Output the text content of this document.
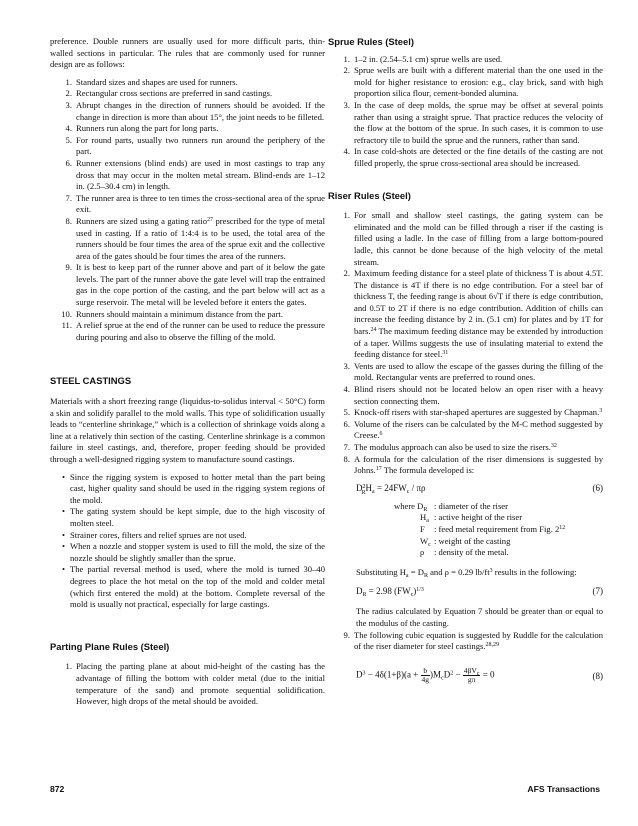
preference. Double runners are usually used for more difficult parts, thin-walled sections in particular. The rules that are commonly used for runner design are as follows:

1. Standard sizes and shapes are used for runners.
2. Rectangular cross sections are preferred in sand castings.
3. Abrupt changes in the direction of runners should be avoided. If the change in direction is more than about 15°, the joint needs to be filleted.
4. Runners run along the part for long parts.
5. For round parts, usually two runners run around the periphery of the part.
6. Runner extensions (blind ends) are used in most castings to trap any dross that may occur in the molten metal stream. Blind-ends are 1–12 in. (2.5–30.4 cm) in length.
7. The runner area is three to ten times the cross-sectional area of the sprue exit.
8. Runners are sized using a gating ratio$^{27}$ prescribed for the type of metal used in casting. If a ratio of 1:4:4 is to be used, the total area of the runners should be four times the area of the sprue exit and the collective area of the gates should be four times the area of the runners.
9. It is best to keep part of the runner above and part of it below the gate levels. The part of the runner above the gate level will trap the entrained gas in the cope portion of the casting, and the part below will act as a surge reservoir. The metal will be leveled before it enters the gates.
10. Runners should maintain a minimum distance from the part.
11. A relief sprue at the end of the runner can be used to reduce the pressure during pouring and also to observe the filling of the mold.
STEEL CASTINGS

Materials with a short freezing range (liquidus-to-solidus interval < 50°C) form a skin and solidify parallel to the mold walls. This type of solidification usually leads to “centerline shrinkage,” which is a collection of shrinkage voids along a line at a relatively thin section of the casting. Centerline shrinkage is a common failure in steel castings, and, therefore, proper feeding should be provided through a well-designed rigging system to manufacture sound castings.

• Since the rigging system is exposed to hotter metal than the part being cast, higher quality sand should be used in the rigging system regions of the mold.
• The gating system should be kept simple, due to the high viscosity of molten steel.
• Strainer cores, filters and relief sprues are not used.
• When a nozzle and stopper system is used to fill the mold, the size of the nozzle should be slightly smaller than the sprue.
• The partial reversal method is used, where the mold is turned 30–40 degrees to place the hot metal on the top of the mold and colder metal (which first entered the mold) at the bottom. Complete reversal of the mold is usually not practical, especially for large castings.
Parting Plane Rules (Steel)
1. Placing the parting plane at about mid-height of the casting has the advantage of filling the bottom with colder metal (due to the initial temperature of the sand) and promote sequential solidification. However, high drops of the metal should be avoided.
Sprue Rules (Steel)
1. 1–2 in. (2.54–5.1 cm) sprue wells are used.
2. Sprue wells are built with a different material than the one used in the mold for higher resistance to erosion: e.g., clay brick, sand with high proportion silica flour, cement-bonded alumina.
3. In the case of deep molds, the sprue may be offset at several points rather than using a straight sprue. That practice reduces the velocity of the flow at the bottom of the sprue. In such cases, it is common to use refractory tile to build the sprue and the runners, rather than sand.
4. In case cold-shots are detected or the fine details of the casting are not filled properly, the sprue cross-sectional area should be increased.
Riser Rules (Steel)
1. For small and shallow steel castings, the gating system can be eliminated and the mold can be filled through a riser if the casting is filled using a ladle. In the case of filling from a large bottom-poured ladle, this cannot be done because of the high velocity of the metal stream.
2. Maximum feeding distance for a steel plate of thickness T is about 4.5T. The distance is 4T if there is no edge contribution. For a steel bar of thickness T, the feeding range is about 6√T if there is edge contribution, and 0.5T to 2T if there is no edge contribution. Addition of chills can increase the feeding distance by 2 in. (5.1 cm) for plates and by 1T for bars.$^{24}$ The maximum feeding distance may be extended by introduction of a taper. Willms suggests the use of insulating material to extend the feeding distance for steel.$^{31}$
3. Vents are used to allow the escape of the gasses during the filling of the mold. Rectangular vents are preferred to round ones.
4. Blind risers should not be located below an open riser with a heavy section connecting them.
5. Knock-off risers with star-shaped apertures are suggested by Chapman.$^3$
6. Volume of the risers can be calculated by the M-C method suggested by Creese.$^6$
7. The modulus approach can also be used to size the risers.$^{32}$
8. A formula for the calculation of the riser dimensions is suggested by Johns.$^{17}$ The formula developed is:
$D^2_RH_a = 24FW_c / \pi\rho$	(6)
where $D_R$ : diameter of the riser
$H_a$ : active height of the riser
F	: feed metal requirement from Fig. $2^{12}$
$W_c$ : weight of the casting
ρ	: density of the metal.

Substituting $H_a = D_R$ and ρ = 0.29 $lb/ft^3$ results in the following:

$D_R = 2.98$ $(FW_c)^{1/3}$	(7)

The radius calculated by Equation 7 should be greater than or equal to the modulus of the casting.

9. The following cubic equation is suggested by Ruddle for the calculation of the riser diameter for steel castings.$^{28,29}$
$D^3 - 4\delta(1+\beta)(a + \frac{b}{4g} )M_cD^2 - \frac{4\beta V_c}{g\pi} = 0$	(8)
872	AFS Transactions
